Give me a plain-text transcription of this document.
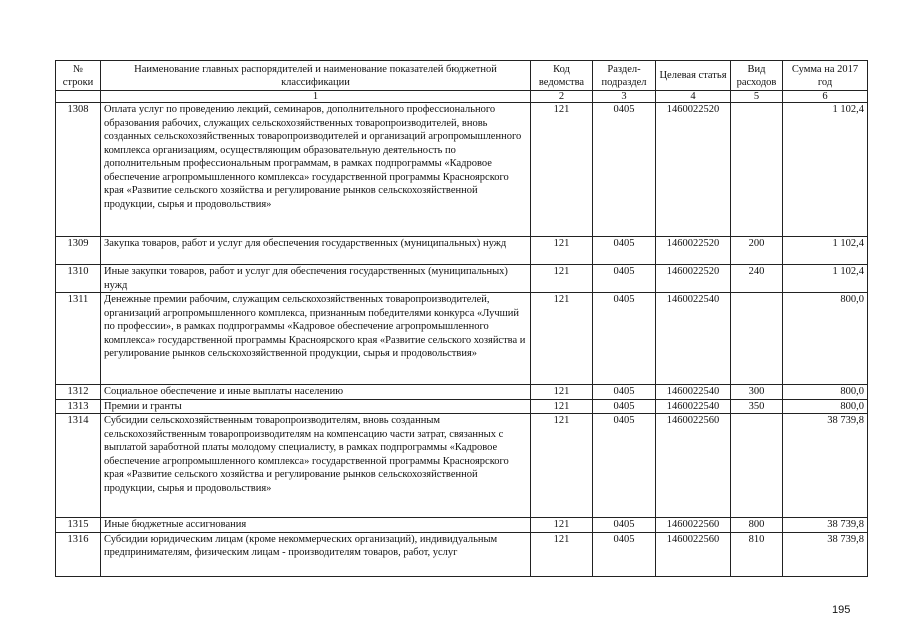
№ строки	Наименование главных распорядителей и наименование показателей бюджетной классификации	Код ведомства	Раздел-подраздел	Целевая статья	Вид расходов	Сумма на 2017 год
	1	2	3	4	5	6
1308	Оплата услуг по проведению лекций, семинаров, дополнительного профессионального образования рабочих, служащих сельскохозяйственных товаропроизводителей, вновь созданных сельскохозяйственных товаропроизводителей и организаций агропромышленного комплекса организациям, осуществляющим образовательную деятельность по дополнительным профессиональным программам, в рамках подпрограммы «Кадровое обеспечение агропромышленного комплекса» государственной программы Красноярского края «Развитие сельского хозяйства и регулирование рынков сельскохозяйственной продукции, сырья и продовольствия»	121	0405	1460022520		1 102,4
1309	Закупка товаров, работ и услуг для обеспечения государственных (муниципальных) нужд	121	0405	1460022520	200	1 102,4
1310	Иные закупки товаров, работ и услуг для обеспечения государственных (муниципальных) нужд	121	0405	1460022520	240	1 102,4
1311	Денежные премии рабочим, служащим сельскохозяйственных товаропроизводителей, организаций агропромышленного комплекса, признанным победителями конкурса «Лучший по профессии», в рамках подпрограммы «Кадровое обеспечение агропромышленного комплекса» государственной программы Красноярского края «Развитие сельского хозяйства и регулирование рынков сельскохозяйственной продукции, сырья и продовольствия»	121	0405	1460022540		800,0
1312	Социальное обеспечение и иные выплаты населению	121	0405	1460022540	300	800,0
1313	Премии и гранты	121	0405	1460022540	350	800,0
1314	Субсидии сельскохозяйственным товаропроизводителям, вновь созданным сельскохозяйственным товаропроизводителям на компенсацию части затрат, связанных с выплатой заработной платы молодому специалисту, в рамках подпрограммы «Кадровое обеспечение агропромышленного комплекса» государственной программы Красноярского края «Развитие сельского хозяйства и регулирование рынков сельскохозяйственной продукции, сырья и продовольствия»	121	0405	1460022560		38 739,8
1315	Иные бюджетные ассигнования	121	0405	1460022560	800	38 739,8
1316	Субсидии юридическим лицам (кроме некоммерческих организаций), индивидуальным предпринимателям, физическим лицам - производителям товаров, работ, услуг	121	0405	1460022560	810	38 739,8
195
